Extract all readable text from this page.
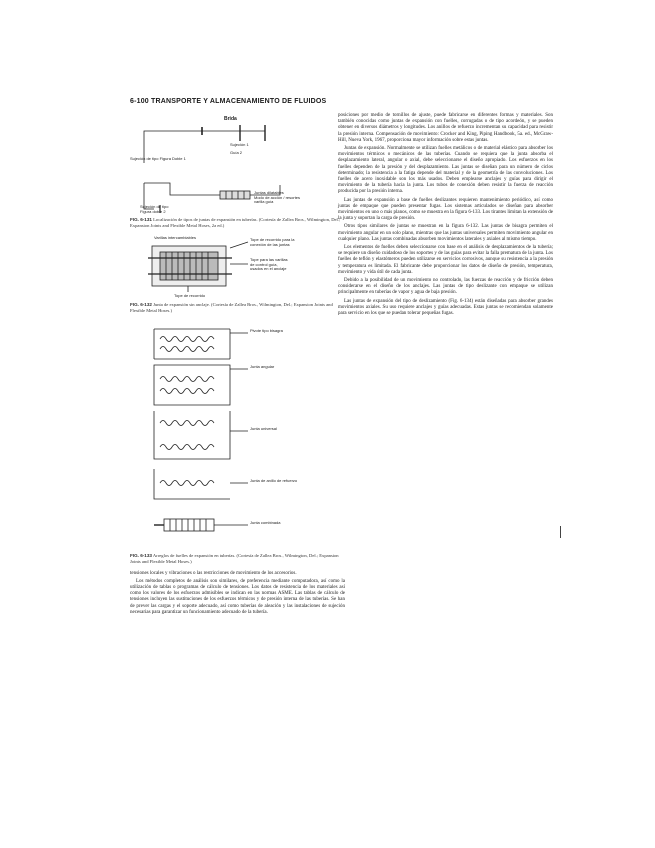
6-100 TRANSPORTE Y ALMACENAMIENTO DE FLUIDOS
Brida
Sujeción de tipo Figura Doble 1
Sujeción 1
Guía 2
Juntas dilatables
Modo de acción / resortes
varilla guía
Sujeción de tipo
Figura doble 2
FIG. 6-131 Localización de tipos de juntas de expansión en tuberías. (Cortesía de Zallea Bros., Wilmington, Del.; Expansion Joints and Flexible Metal Hoses, 2a ed.)
Varillas intercambiables	Tope de recorrido para la
conexión de las juntas
Tope para las varillas
de control guía,
usados en el anclaje
Tope de recorrido
FIG. 6-132 Junta de expansión sin anclaje. (Cortesía de Zallea Bros., Wilmington, Del.; Expansion Joints and Flexible Metal Hoses.)
Pivote tipo bisagra
Junta angular
Junta universal
Junta de anillo de refuerzo
Junta combinada
FIG. 6-133 Arreglos de fuelles de expansión en tuberías. (Cortesía de Zallea Bros., Wilmington, Del.; Expansion Joints and Flexible Metal Hoses.)

tensiones locales y vibraciones o las restricciones de movimiento de los accesorios.

Los métodos completos de análisis son similares, de preferencia mediante computadora, así como la utilización de tablas o programas de cálculo de tensiones. Los datos de resistencia de los materiales así como los valores de los esfuerzos admisibles se indican en las normas ASME. Las tablas de cálculo de tensiones incluyen las sustituciones de los esfuerzos térmicos y de presión interna de las tuberías. Se han de prever las cargas y el soporte adecuado, así como tuberías de aleación y las instalaciones de sujeción necesarias para garantizar un funcionamiento adecuado de la tubería.

posiciones por medio de tornillos de ajuste, puede fabricarse en diferentes formas y materiales. Son también conocidas como juntas de expansión con fuelles, corrugadas o de tipo acordeón, y se pueden obtener en diversos diámetros y longitudes. Los anillos de refuerzo incrementan su capacidad para resistir la presión interna. Compensación de movimiento: Crocker and King, Piping Handbook, 5a. ed., McGraw-Hill, Nueva York, 1967, proporciona mayor información sobre estas juntas.

Juntas de expansión. Normalmente se utilizan fuelles metálicos o de material elástico para absorber los movimientos térmicos o mecánicos de las tuberías. Cuando se requiera que la junta absorba el desplazamiento lateral, angular o axial, debe seleccionarse el diseño apropiado. Los esfuerzos en los fuelles dependen de la presión y del desplazamiento. Las juntas se diseñan para un número de ciclos determinado; la resistencia a la fatiga depende del material y de la geometría de las convoluciones. Los fuelles de acero inoxidable son los más usados. Deben emplearse anclajes y guías para dirigir el movimiento de la tubería hacia la junta. Los tubos de conexión deben resistir la fuerza de reacción producida por la presión interna.

Las juntas de expansión a base de fuelles deslizantes requieren mantenimiento periódico, así como juntas de empaque que pueden presentar fugas. Los sistemas articulados se diseñan para absorber movimientos en uno o más planos, como se muestra en la figura 6-133. Los tirantes limitan la extensión de la junta y soportan la carga de presión.

Otros tipos similares de juntas se muestran en la figura 6-132. Las juntas de bisagra permiten el movimiento angular en un solo plano, mientras que las juntas universales permiten movimiento angular en cualquier plano. Las juntas combinadas absorben movimientos laterales y axiales al mismo tiempo.

Los elementos de fuelles deben seleccionarse con base en el análisis de desplazamientos de la tubería; se requiere un diseño cuidadoso de los soportes y de las guías para evitar la falla prematura de la junta. Los fuelles de teflón y elastómeros pueden utilizarse en servicios corrosivos, aunque su resistencia a la presión y temperatura es limitada. El fabricante debe proporcionar los datos de diseño de presión, temperatura, movimiento y vida útil de cada junta.

Debido a la posibilidad de un movimiento no controlado, las fuerzas de reacción y de fricción deben considerarse en el diseño de los anclajes. Las juntas de tipo deslizante con empaque se utilizan principalmente en tuberías de vapor y agua de baja presión.

Las juntas de expansión del tipo de deslizamiento (Fig. 6-134) están diseñadas para absorber grandes movimientos axiales. Su uso requiere anclajes y guías adecuadas. Estas juntas se recomiendan solamente para servicio en los que se puedan tolerar pequeñas fugas.
